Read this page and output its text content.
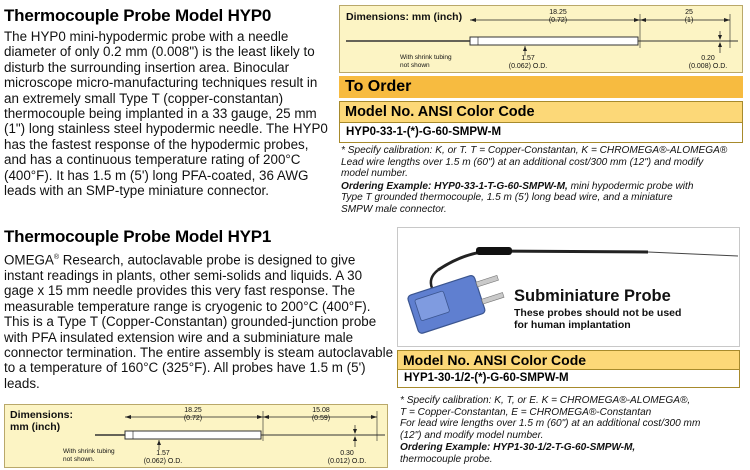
Thermocouple Probe Model HYP0
The HYP0 mini-hypodermic probe with a needle diameter of only 0.2 mm (0.008") is the least likely to disturb the surrounding insertion area. Binocular microscope micro-manufacturing techniques result in an extremely small Type T (copper-constantan) thermocouple being implanted in a 33 gauge, 25 mm (1") long stainless steel hypodermic needle. The HYP0 has the fastest response of the hypodermic probes, and has a continuous temperature rating of 200°C (400°F). It has 1.5 m (5') long PFA-coated, 36 AWG leads with an SMP-type miniature connector.
Dimensions: mm (inch)	18.25
(0.72)
25
(1)
With shrink tubing
not shown
1.57
(0.062) O.D.
0.20
(0.008) O.D.
To Order
Model No. ANSI Color Code
HYP0-33-1-(*)-G-60-SMPW-M
* Specify calibration: K, or T. T = Copper-Constantan, K = CHROMEGA®-ALOMEGA®
Lead wire lengths over 1.5 m (60") at an additional cost/300 mm (12") and modify
model number.
Ordering Example: HYP0-33-1-T-G-60-SMPW-M, mini hypodermic probe with
Type T grounded thermocouple, 1.5 m (5') long bead wire, and a miniature
SMPW male connector.
Thermocouple Probe Model HYP1
OMEGA® Research, autoclavable probe is designed to give instant readings in plants, other semi-solids and liquids. A 30 gage x 15 mm needle provides this very fast response. The measurable temperature range is cryogenic to 200°C (400°F). This is a Type T (Copper-Constantan) grounded-junction probe with PFA insulated extension wire and a subminiature male connector termination. The entire assembly is steam autoclavable to a temperature of 160°C (325°F). All probes have 1.5 m (5') leads.
Dimensions:
mm (inch)
18.25
(0.72)
15.08
(0.59)
With shrink tubing
not shown.
1.57
(0.062) O.D.
0.30
(0.012) O.D.
Subminiature Probe
These probes should not be used for human implantation
Model No. ANSI Color Code
HYP1-30-1/2-(*)-G-60-SMPW-M
* Specify calibration: K, T, or E. K = CHROMEGA®-ALOMEGA®,
T = Copper-Constantan, E = CHROMEGA®-Constantan
For lead wire lengths over 1.5 m (60") at an additional cost/300 mm
(12") and modify model number.
Ordering Example: HYP1-30-1/2-T-G-60-SMPW-M,
thermocouple probe.
